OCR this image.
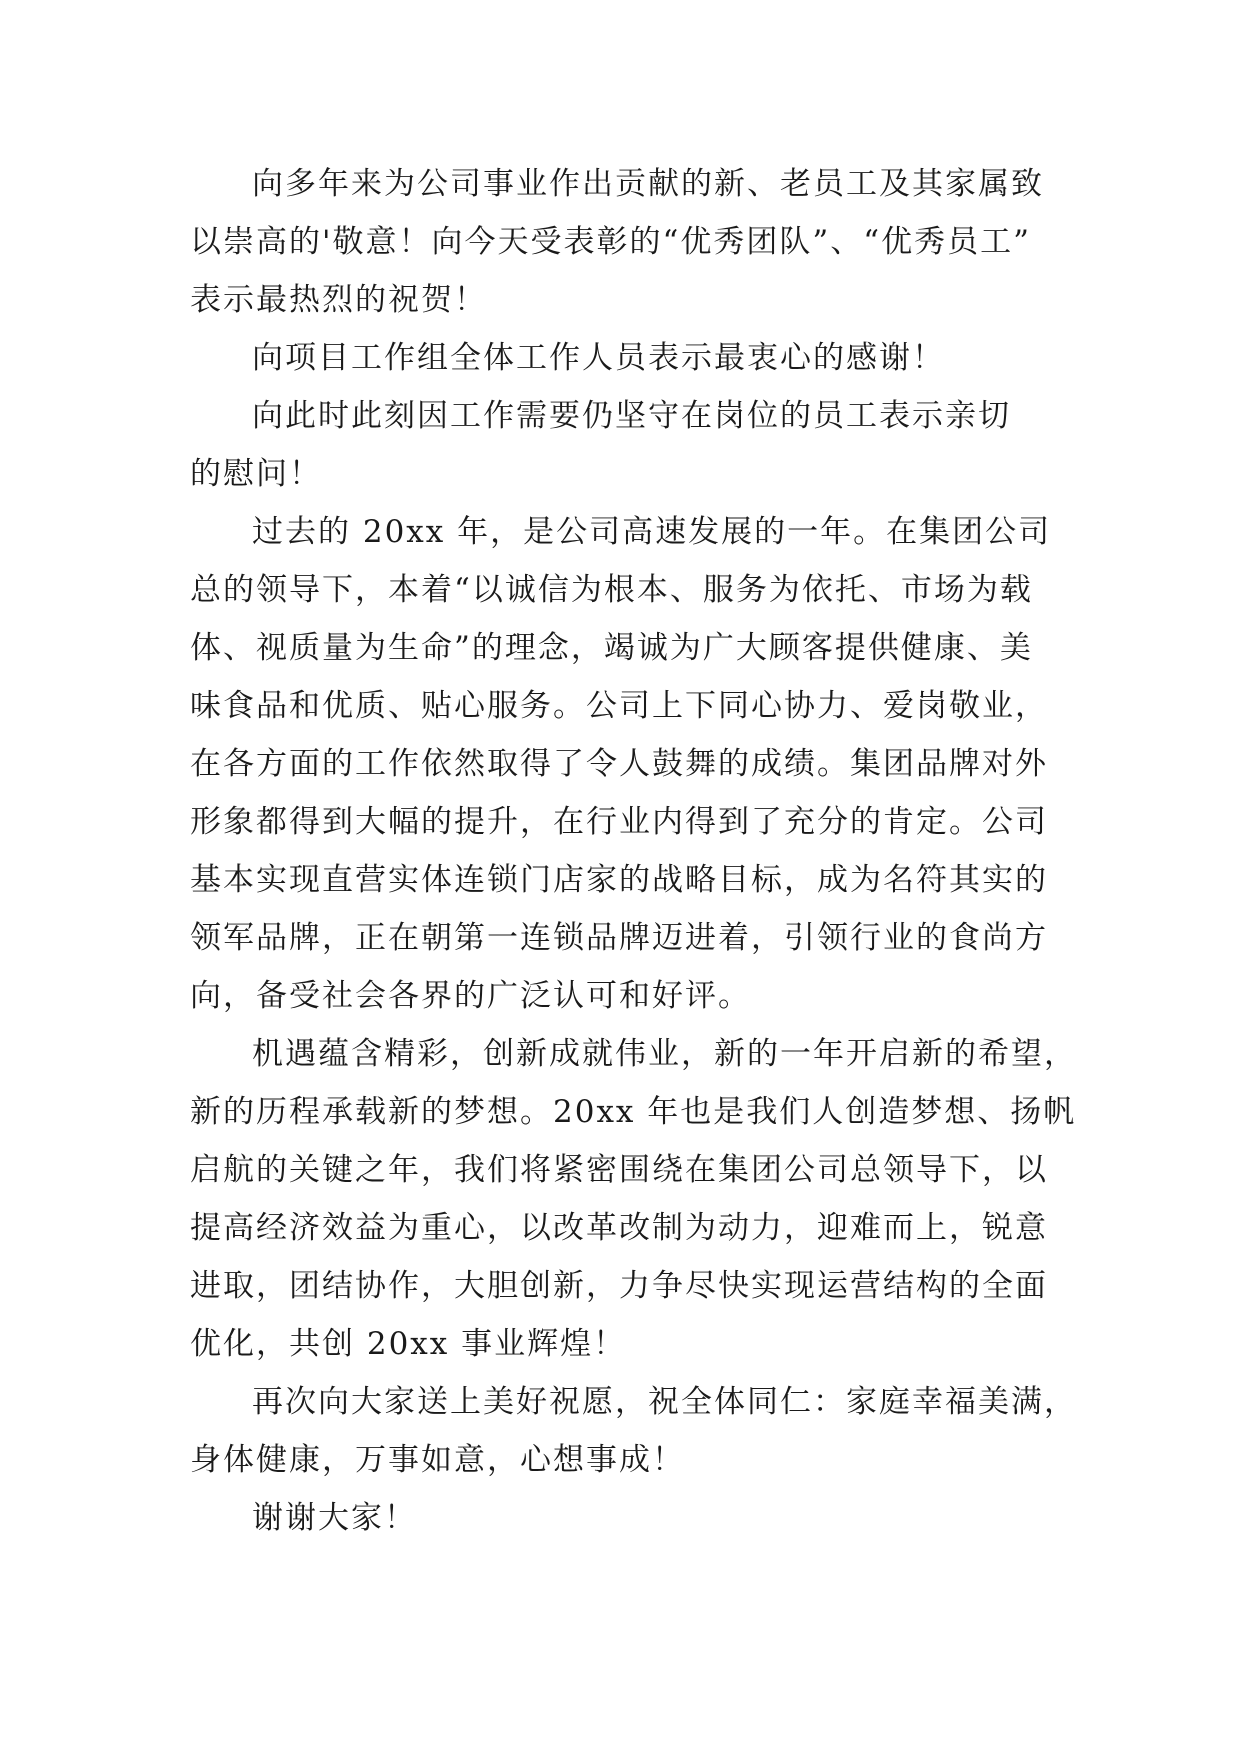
向多年来为公司事业作出贡献的新、老员工及其家属致
以崇高的'敬意！向今天受表彰的“优秀团队”、“优秀员工”
表示最热烈的祝贺！
向项目工作组全体工作人员表示最衷心的感谢！
向此时此刻因工作需要仍坚守在岗位的员工表示亲切
的慰问！
过去的 20xx 年，是公司高速发展的一年。在集团公司
总的领导下，本着“以诚信为根本、服务为依托、市场为载
体、视质量为生命”的理念，竭诚为广大顾客提供健康、美
味食品和优质、贴心服务。公司上下同心协力、爱岗敬业，
在各方面的工作依然取得了令人鼓舞的成绩。集团品牌对外
形象都得到大幅的提升，在行业内得到了充分的肯定。公司
基本实现直营实体连锁门店家的战略目标，成为名符其实的
领军品牌，正在朝第一连锁品牌迈进着，引领行业的食尚方
向，备受社会各界的广泛认可和好评。
机遇蕴含精彩，创新成就伟业，新的一年开启新的希望，
新的历程承载新的梦想。20xx 年也是我们人创造梦想、扬帆
启航的关键之年，我们将紧密围绕在集团公司总领导下，以
提高经济效益为重心，以改革改制为动力，迎难而上，锐意
进取，团结协作，大胆创新，力争尽快实现运营结构的全面
优化，共创 20xx 事业辉煌！
再次向大家送上美好祝愿，祝全体同仁：家庭幸福美满，
身体健康，万事如意，心想事成！
谢谢大家！
